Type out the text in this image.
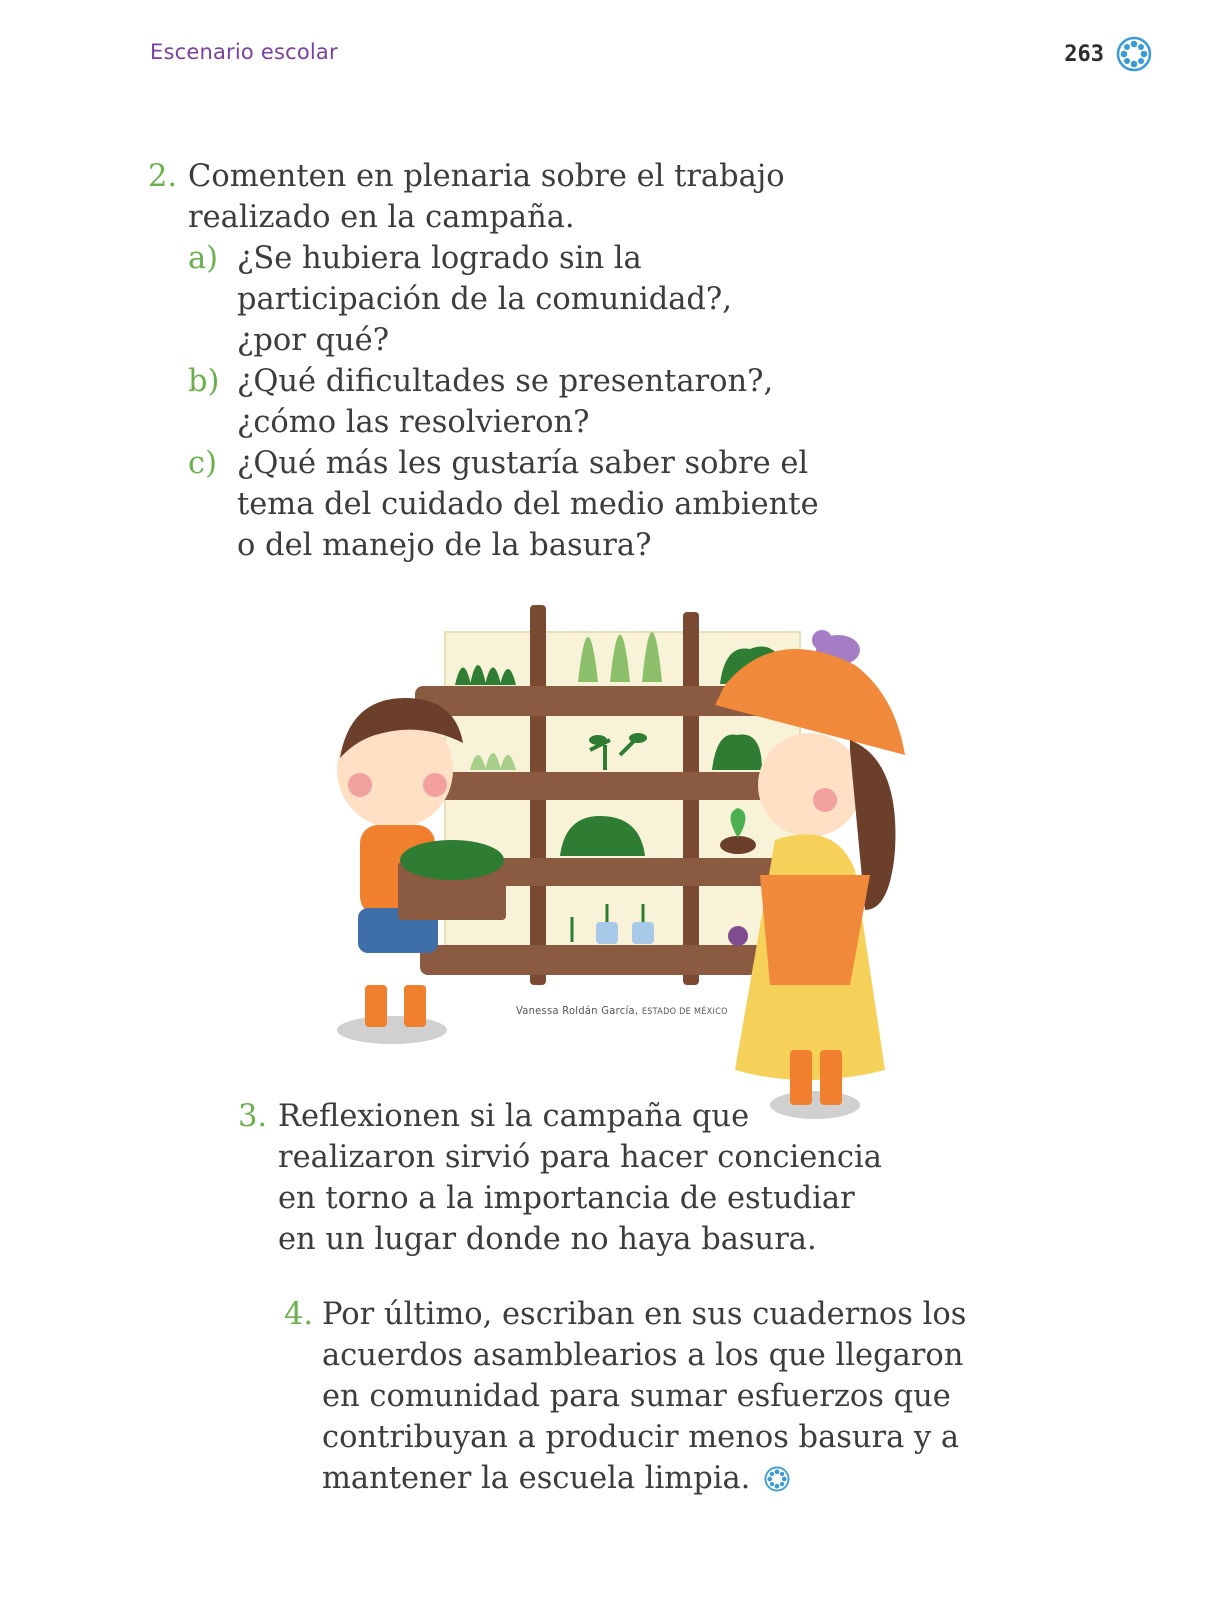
Escenario escolar	263
2. Comenten en plenaria sobre el trabajo
realizado en la campaña.
a) ¿Se hubiera logrado sin la
participación de la comunidad?,
¿por qué?
b) ¿Qué dificultades se presentaron?,
¿cómo las resolvieron?
c) ¿Qué más les gustaría saber sobre el
tema del cuidado del medio ambiente
o del manejo de la basura?
Vanessa Roldán García, ESTADO DE MÉXICO
3. Reflexionen si la campaña que
realizaron sirvió para hacer conciencia
en torno a la importancia de estudiar
en un lugar donde no haya basura.
4. Por último, escriban en sus cuadernos los
acuerdos asamblearios a los que llegaron
en comunidad para sumar esfuerzos que
contribuyan a producir menos basura y a
mantener la escuela limpia.
